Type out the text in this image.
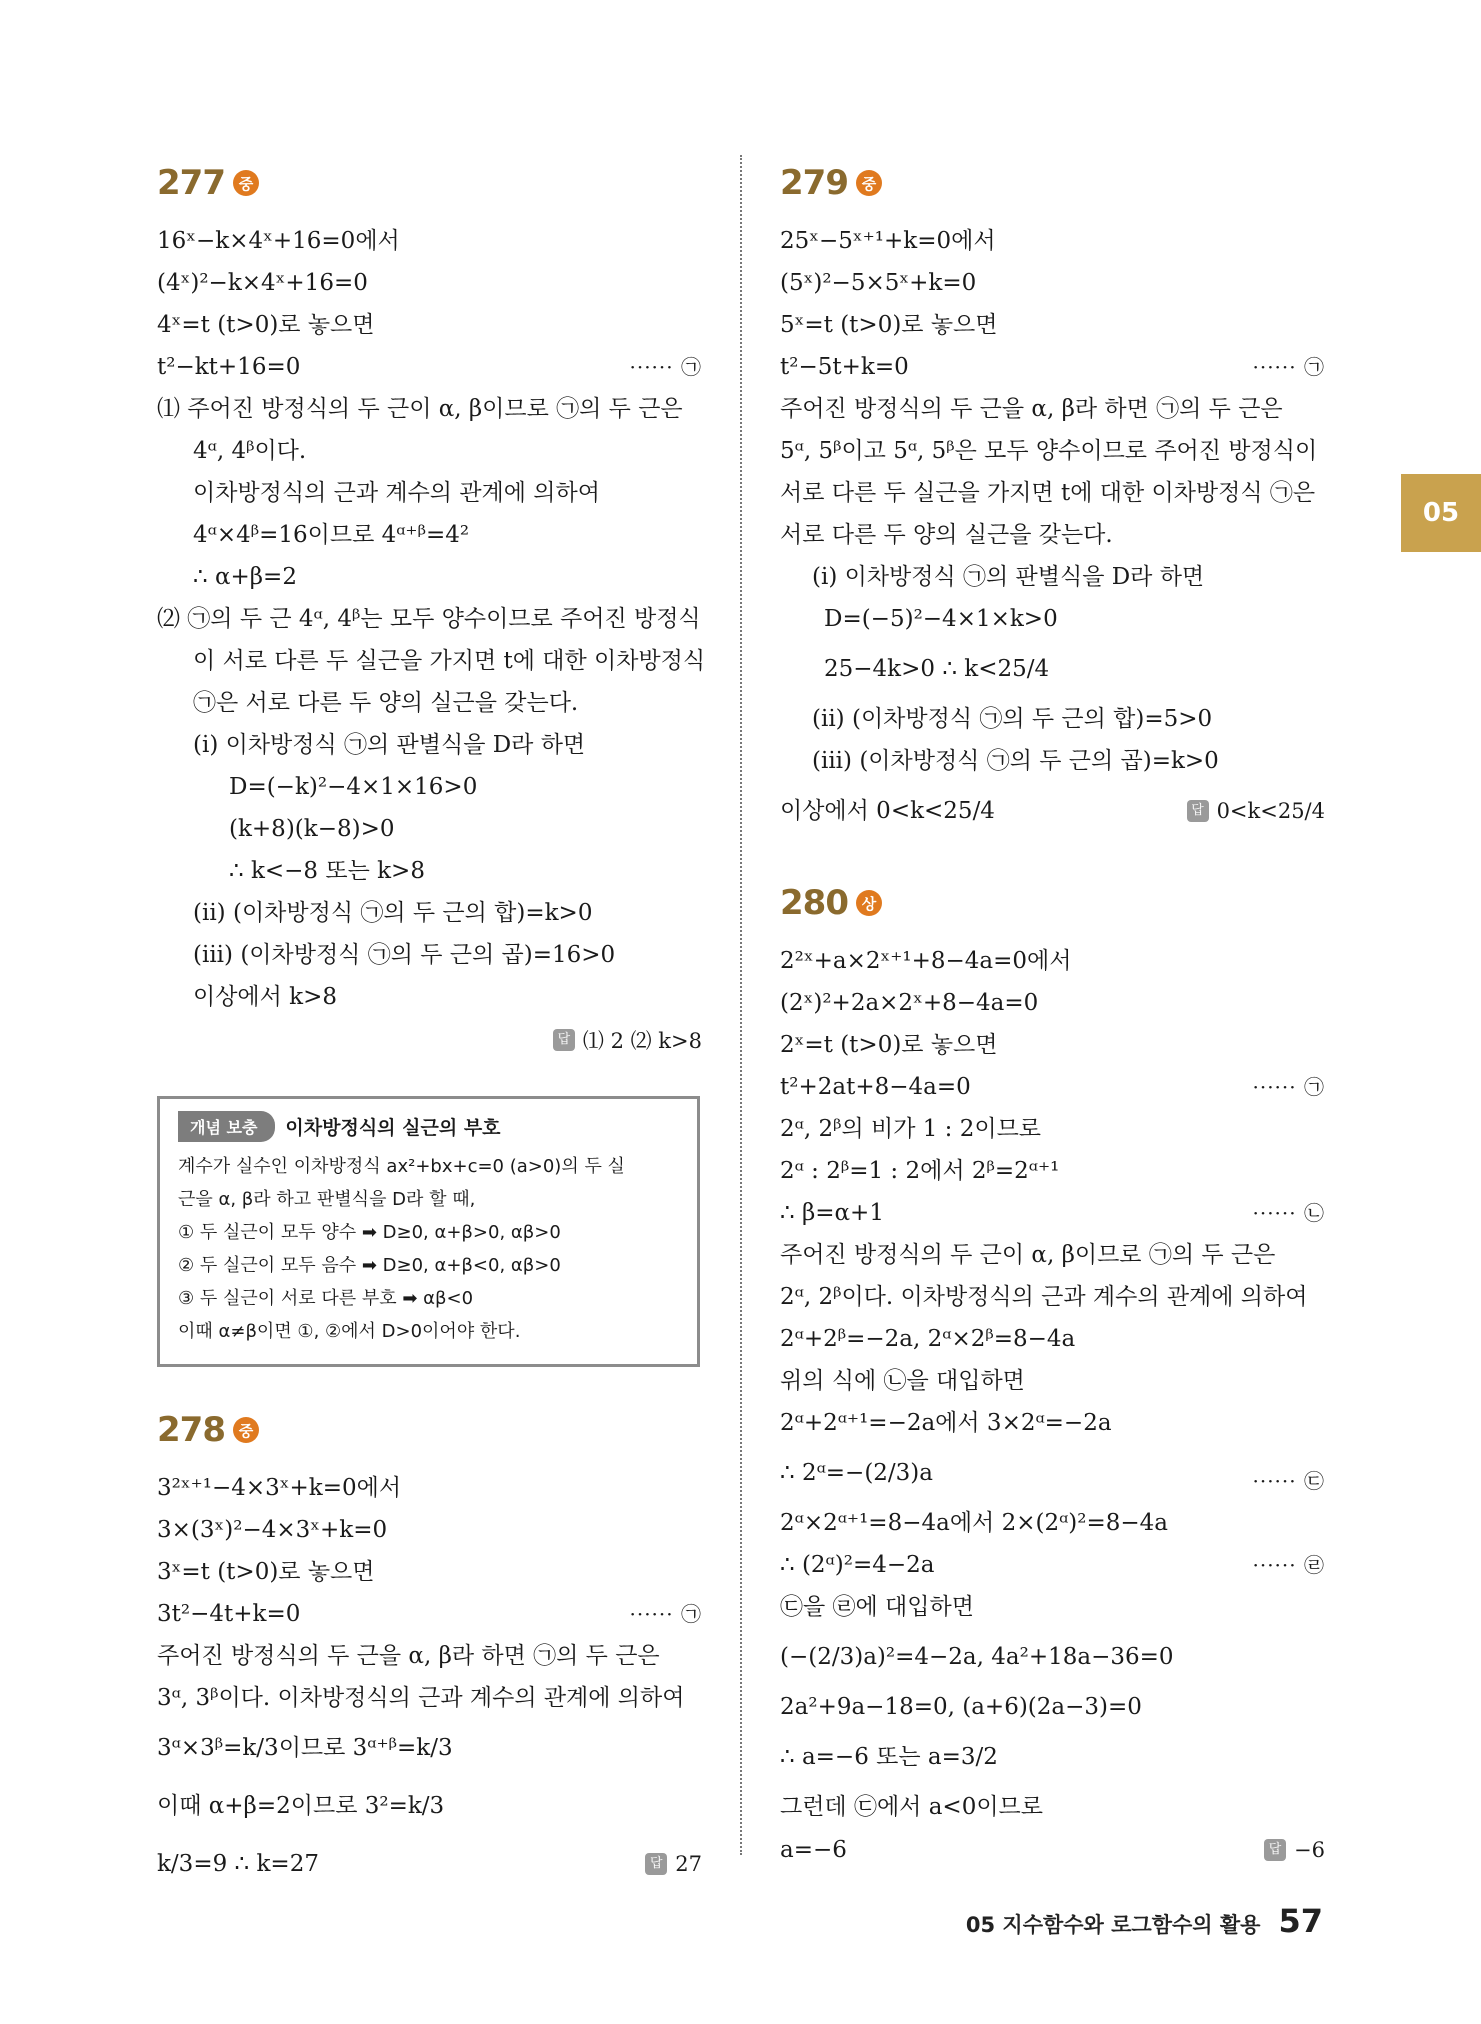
05
277 중
16ˣ−k×4ˣ+16=0에서
(4ˣ)²−k×4ˣ+16=0
4ˣ=t (t>0)로 놓으면
t²−kt+16=0	······ ㉠
⑴ 주어진 방정식의 두 근이 α, β이므로 ㉠의 두 근은
4ᵅ, 4ᵝ이다.
이차방정식의 근과 계수의 관계에 의하여
4ᵅ×4ᵝ=16이므로 4ᵅ⁺ᵝ=4²
∴ α+β=2
⑵ ㉠의 두 근 4ᵅ, 4ᵝ는 모두 양수이므로 주어진 방정식
이 서로 다른 두 실근을 가지면 t에 대한 이차방정식
㉠은 서로 다른 두 양의 실근을 갖는다.
(i) 이차방정식 ㉠의 판별식을 D라 하면
D=(−k)²−4×1×16>0
(k+8)(k−8)>0
∴ k<−8 또는 k>8
(ii) (이차방정식 ㉠의 두 근의 합)=k>0
(iii) (이차방정식 ㉠의 두 근의 곱)=16>0
이상에서 k>8
답 ⑴ 2 ⑵ k>8
개념 보충	이차방정식의 실근의 부호
계수가 실수인 이차방정식 ax²+bx+c=0 (a>0)의 두 실
근을 α, β라 하고 판별식을 D라 할 때,
① 두 실근이 모두 양수 ➡ D≥0, α+β>0, αβ>0
② 두 실근이 모두 음수 ➡ D≥0, α+β<0, αβ>0
③ 두 실근이 서로 다른 부호 ➡ αβ<0
이때 α≠β이면 ①, ②에서 D>0이어야 한다.
278 중
3²ˣ⁺¹−4×3ˣ+k=0에서
3×(3ˣ)²−4×3ˣ+k=0
3ˣ=t (t>0)로 놓으면
3t²−4t+k=0	······ ㉠
주어진 방정식의 두 근을 α, β라 하면 ㉠의 두 근은
3ᵅ, 3ᵝ이다. 이차방정식의 근과 계수의 관계에 의하여
3ᵅ×3ᵝ=k/3이므로 3ᵅ⁺ᵝ=k/3
이때 α+β=2이므로 3²=k/3
k/3=9 ∴ k=27	답 27
279 중
25ˣ−5ˣ⁺¹+k=0에서
(5ˣ)²−5×5ˣ+k=0
5ˣ=t (t>0)로 놓으면
t²−5t+k=0	······ ㉠
주어진 방정식의 두 근을 α, β라 하면 ㉠의 두 근은
5ᵅ, 5ᵝ이고 5ᵅ, 5ᵝ은 모두 양수이므로 주어진 방정식이
서로 다른 두 실근을 가지면 t에 대한 이차방정식 ㉠은
서로 다른 두 양의 실근을 갖는다.
(i) 이차방정식 ㉠의 판별식을 D라 하면
D=(−5)²−4×1×k>0
25−4k>0 ∴ k<25/4
(ii) (이차방정식 ㉠의 두 근의 합)=5>0
(iii) (이차방정식 ㉠의 두 근의 곱)=k>0
이상에서 0<k<25/4	답 0<k<25/4
280 상
2²ˣ+a×2ˣ⁺¹+8−4a=0에서
(2ˣ)²+2a×2ˣ+8−4a=0
2ˣ=t (t>0)로 놓으면
t²+2at+8−4a=0	······ ㉠
2ᵅ, 2ᵝ의 비가 1 : 2이므로
2ᵅ : 2ᵝ=1 : 2에서 2ᵝ=2ᵅ⁺¹
∴ β=α+1	······ ㉡
주어진 방정식의 두 근이 α, β이므로 ㉠의 두 근은
2ᵅ, 2ᵝ이다. 이차방정식의 근과 계수의 관계에 의하여
2ᵅ+2ᵝ=−2a, 2ᵅ×2ᵝ=8−4a
위의 식에 ㉡을 대입하면
2ᵅ+2ᵅ⁺¹=−2a에서 3×2ᵅ=−2a
∴ 2ᵅ=−(2/3)a	······ ㉢
2ᵅ×2ᵅ⁺¹=8−4a에서 2×(2ᵅ)²=8−4a
∴ (2ᵅ)²=4−2a	······ ㉣
㉢을 ㉣에 대입하면
(−(2/3)a)²=4−2a, 4a²+18a−36=0
2a²+9a−18=0, (a+6)(2a−3)=0
∴ a=−6 또는 a=3/2
그런데 ㉢에서 a<0이므로
a=−6	답 −6
05 지수함수와 로그함수의 활용 57
